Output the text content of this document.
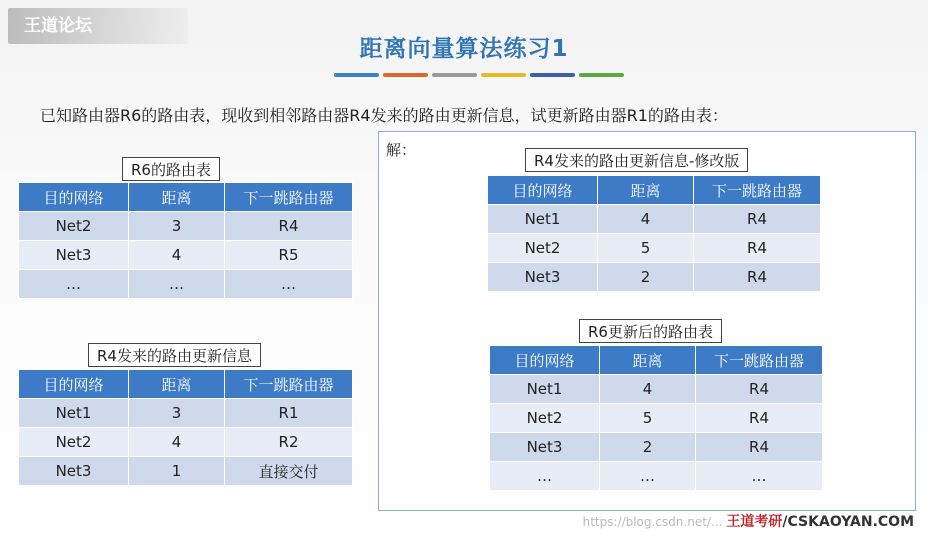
王道论坛
距离向量算法练习1
已知路由器R6的路由表，现收到相邻路由器R4发来的路由更新信息，试更新路由器R1的路由表：
R6的路由表
目的网络	距离	下一跳路由器
Net2	3	R4
Net3	4	R5
…	…	…
R4发来的路由更新信息
目的网络	距离	下一跳路由器
Net1	3	R1
Net2	4	R2
Net3	1	直接交付
解：
R4发来的路由更新信息-修改版
目的网络	距离	下一跳路由器
Net1	4	R4
Net2	5	R4
Net3	2	R4
R6更新后的路由表
目的网络	距离	下一跳路由器
Net1	4	R4
Net2	5	R4
Net3	2	R4
…	…	…
https://blog.csdn.net/... 王道考研/CSKAOYAN.COM
